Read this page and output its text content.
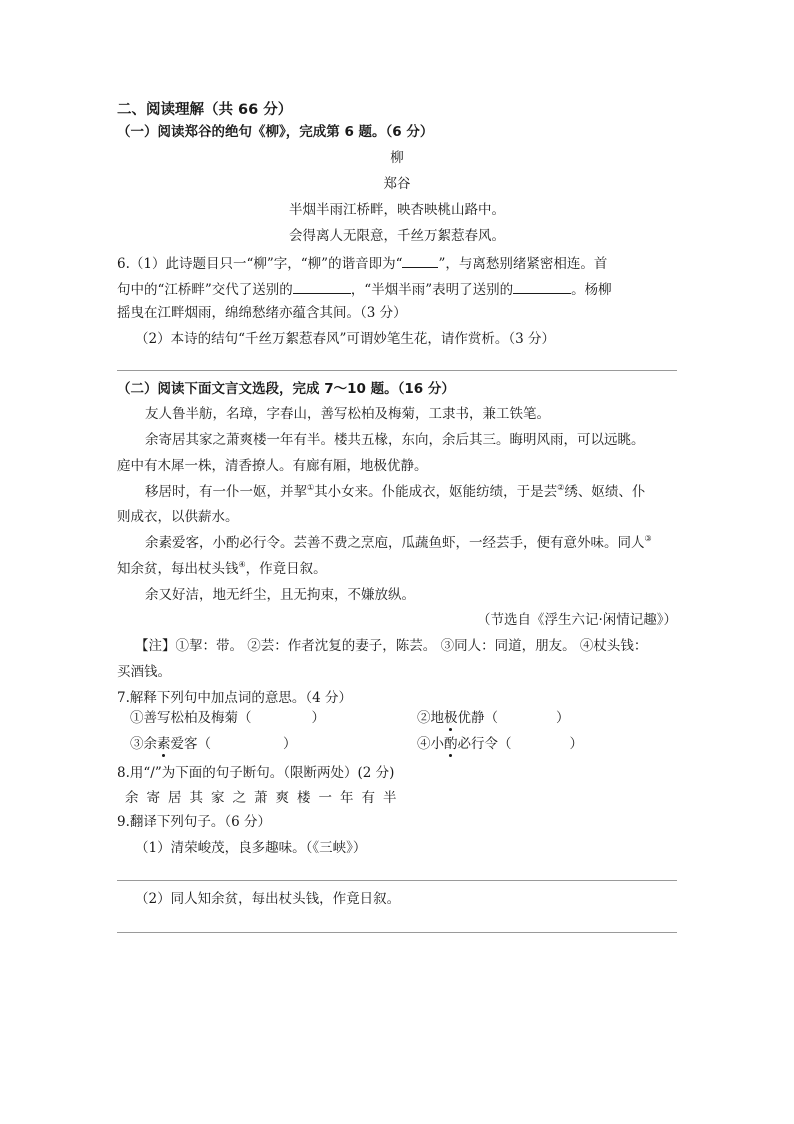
二、阅读理解（共 66 分）
（一）阅读郑谷的绝句《柳》，完成第 6 题。（6 分）
柳
郑谷
半烟半雨江桥畔，映杏映桃山路中。
会得离人无限意，千丝万絮惹春风。
6.（1）此诗题目只一“柳”字，“柳”的谐音即为“	”，与离愁别绪紧密相连。首
句中的“江桥畔”交代了送别的	，“半烟半雨”表明了送别的	。杨柳
摇曳在江畔烟雨，绵绵愁绪亦蕴含其间。（3 分）
（2）本诗的结句“千丝万絮惹春风”可谓妙笔生花，请作赏析。（3 分）
（二）阅读下面文言文选段，完成 7～10 题。（16 分）
友人鲁半舫，名璋，字春山，善写松柏及梅菊，工隶书，兼工铁笔。
余寄居其家之萧爽楼一年有半。楼共五椽，东向，余后其三。晦明风雨，可以远眺。
庭中有木犀一株，清香撩人。有廊有厢，地极优静。
移居时，有一仆一妪，并挈①其小女来。仆能成衣，妪能纺绩，于是芸②绣、妪绩、仆
则成衣，以供薪水。
余素爱客，小酌必行令。芸善不费之烹庖，瓜蔬鱼虾，一经芸手，便有意外味。同人③
知余贫，每出杖头钱④，作竟日叙。
余又好洁，地无纤尘，且无拘束，不嫌放纵。
（节选自《浮生六记·闲情记趣》）
【注】①挈：带。 ②芸：作者沈复的妻子，陈芸。 ③同人：同道，朋友。 ④杖头钱：
买酒钱。
7.解释下列句中加点词的意思。（4 分）
①善写松柏及梅菊（	）	②地极优静（	）
③余素爱客（	）	④小酌必行令（	）
8.用“/”为下面的句子断句。（限断两处）(2 分)
余寄居其家之萧爽楼一年有半
9.翻译下列句子。（6 分）
（1）清荣峻茂，良多趣味。（《三峡》）
（2）同人知余贫，每出杖头钱，作竟日叙。
